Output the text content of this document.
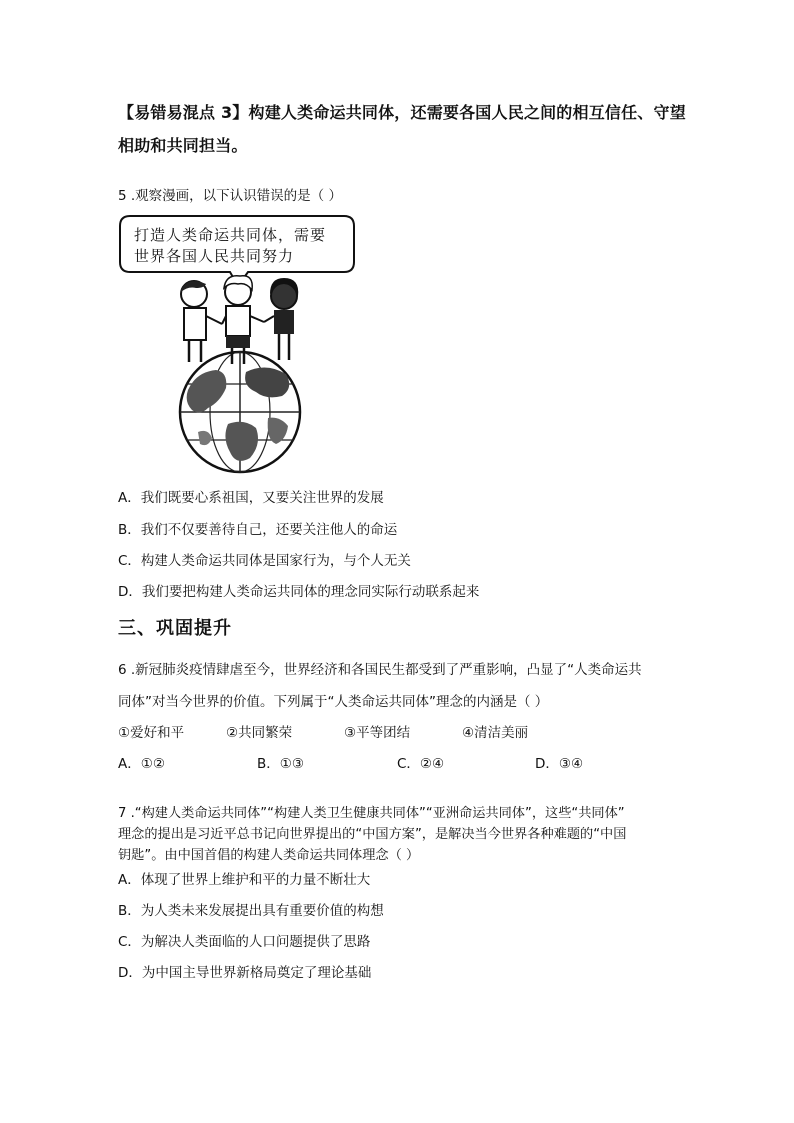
【易错易混点 3】构建人类命运共同体，还需要各国人民之间的相互信任、守望
相助和共同担当。
5 .观察漫画，以下认识错误的是（ ）
打造人类命运共同体，需要
世界各国人民共同努力
A．我们既要心系祖国，又要关注世界的发展
B．我们不仅要善待自己，还要关注他人的命运
C．构建人类命运共同体是国家行为，与个人无关
D．我们要把构建人类命运共同体的理念同实际行动联系起来
三、巩固提升
6 .新冠肺炎疫情肆虐至今，世界经济和各国民生都受到了严重影响，凸显了“人类命运共
同体”对当今世界的价值。下列属于“人类命运共同体”理念的内涵是（ ）
①爱好和平	②共同繁荣	③平等团结	④清洁美丽
A．①②	B．①③	C．②④	D．③④
7 .“构建人类命运共同体”“构建人类卫生健康共同体”“亚洲命运共同体”，这些“共同体”
理念的提出是习近平总书记向世界提出的“中国方案”，是解决当今世界各种难题的“中国
钥匙”。由中国首倡的构建人类命运共同体理念（ ）
A．体现了世界上维护和平的力量不断壮大
B．为人类未来发展提出具有重要价值的构想
C．为解决人类面临的人口问题提供了思路
D．为中国主导世界新格局奠定了理论基础
